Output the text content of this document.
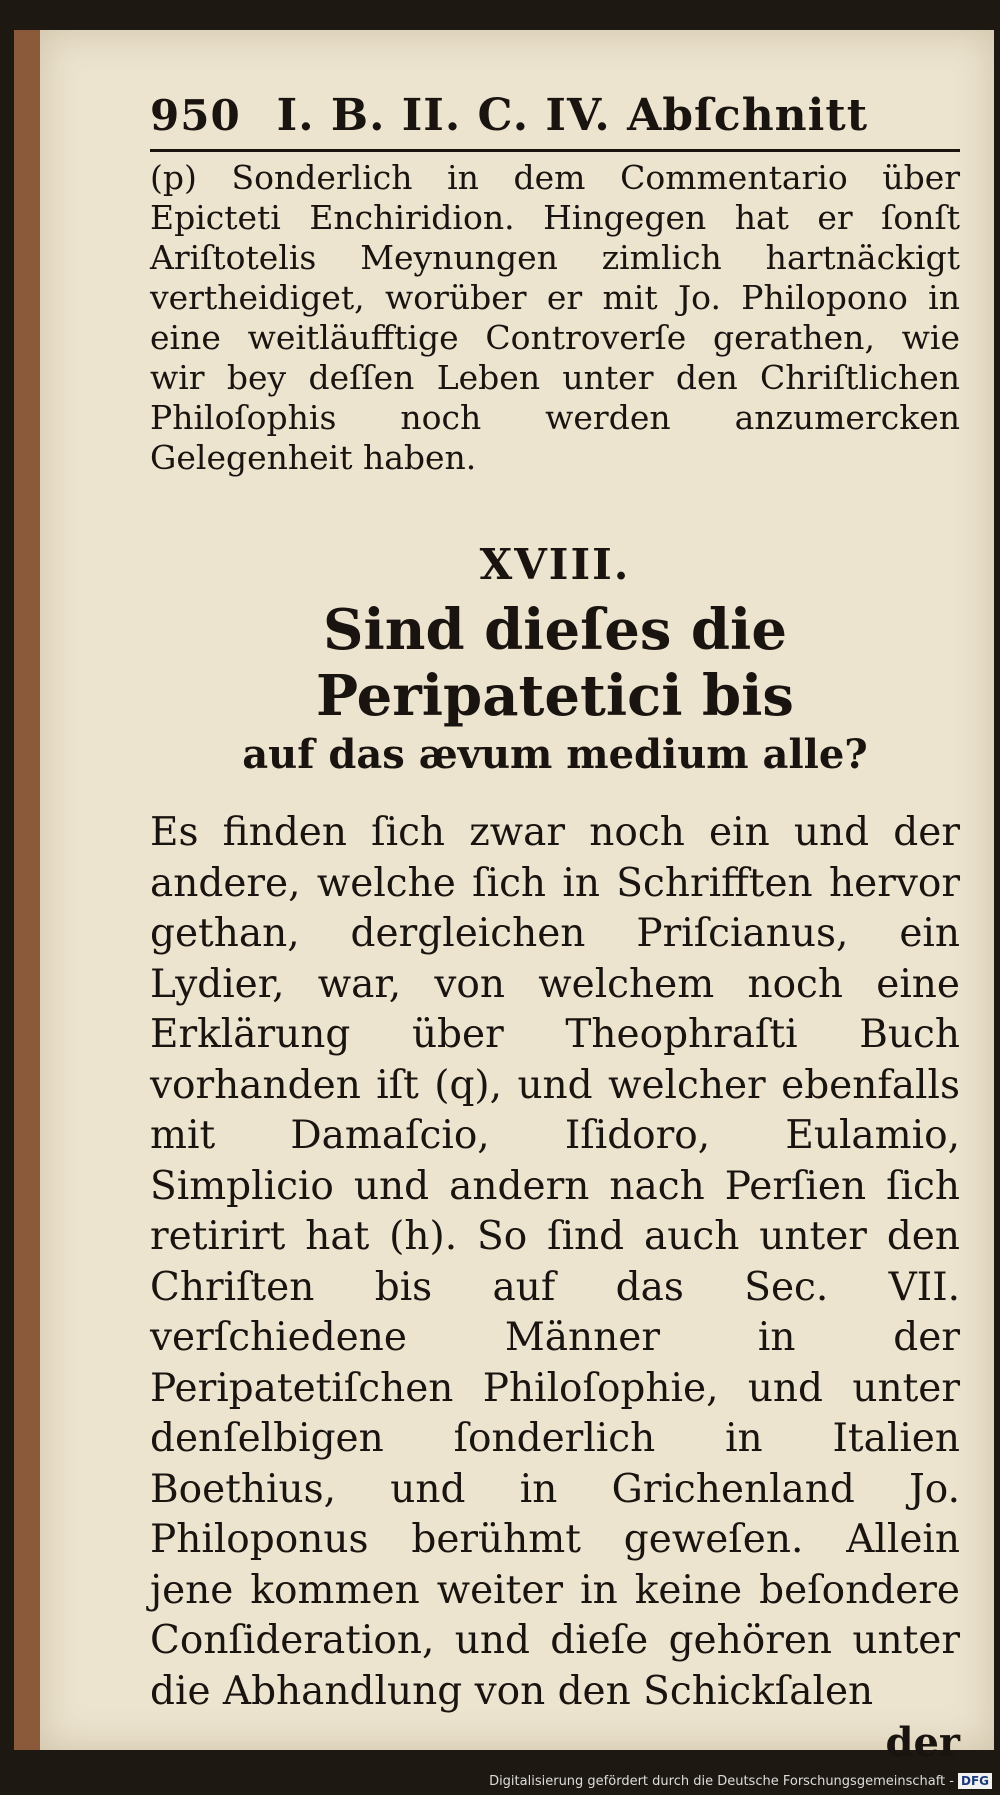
950 I. B. II. C. IV. Abſchnitt

(p) Sonderlich in dem Commentario über Epicteti Enchiridion. Hingegen hat er ſonſt Ariſtotelis Meynungen zimlich hartnäckigt vertheidiget, worüber er mit Jo. Philopono in eine weitläufftige Controverſe gerathen, wie wir bey deſſen Leben unter den Chriſtlichen Philoſophis noch werden anzumercken Gelegenheit haben.

XVIII.
Sind dieſes die Peripatetici bis
auf das ævum medium alle?
Es finden ſich zwar noch ein und der andere, welche ſich in Schrifften hervor gethan, dergleichen Priſcianus, ein Lydier, war, von welchem noch eine Erklärung über Theophraſti Buch vorhanden iſt (q), und welcher ebenfalls mit Damaſcio, Iſidoro, Eulamio, Simplicio und andern nach Perſien ſich retirirt hat (h). So ſind auch unter den Chriſten bis auf das Sec. VII. verſchiedene Männer in der Peripatetiſchen Philoſophie, und unter denſelbigen ſonderlich in Italien Boethius, und in Grichenland Jo. Philoponus berühmt geweſen. Allein jene kommen weiter in keine beſondere Conſideration, und dieſe gehören unter die Abhandlung von den Schickſalen
der
Digitalisierung gefördert durch die Deutsche Forschungsgemeinschaft - DFG
